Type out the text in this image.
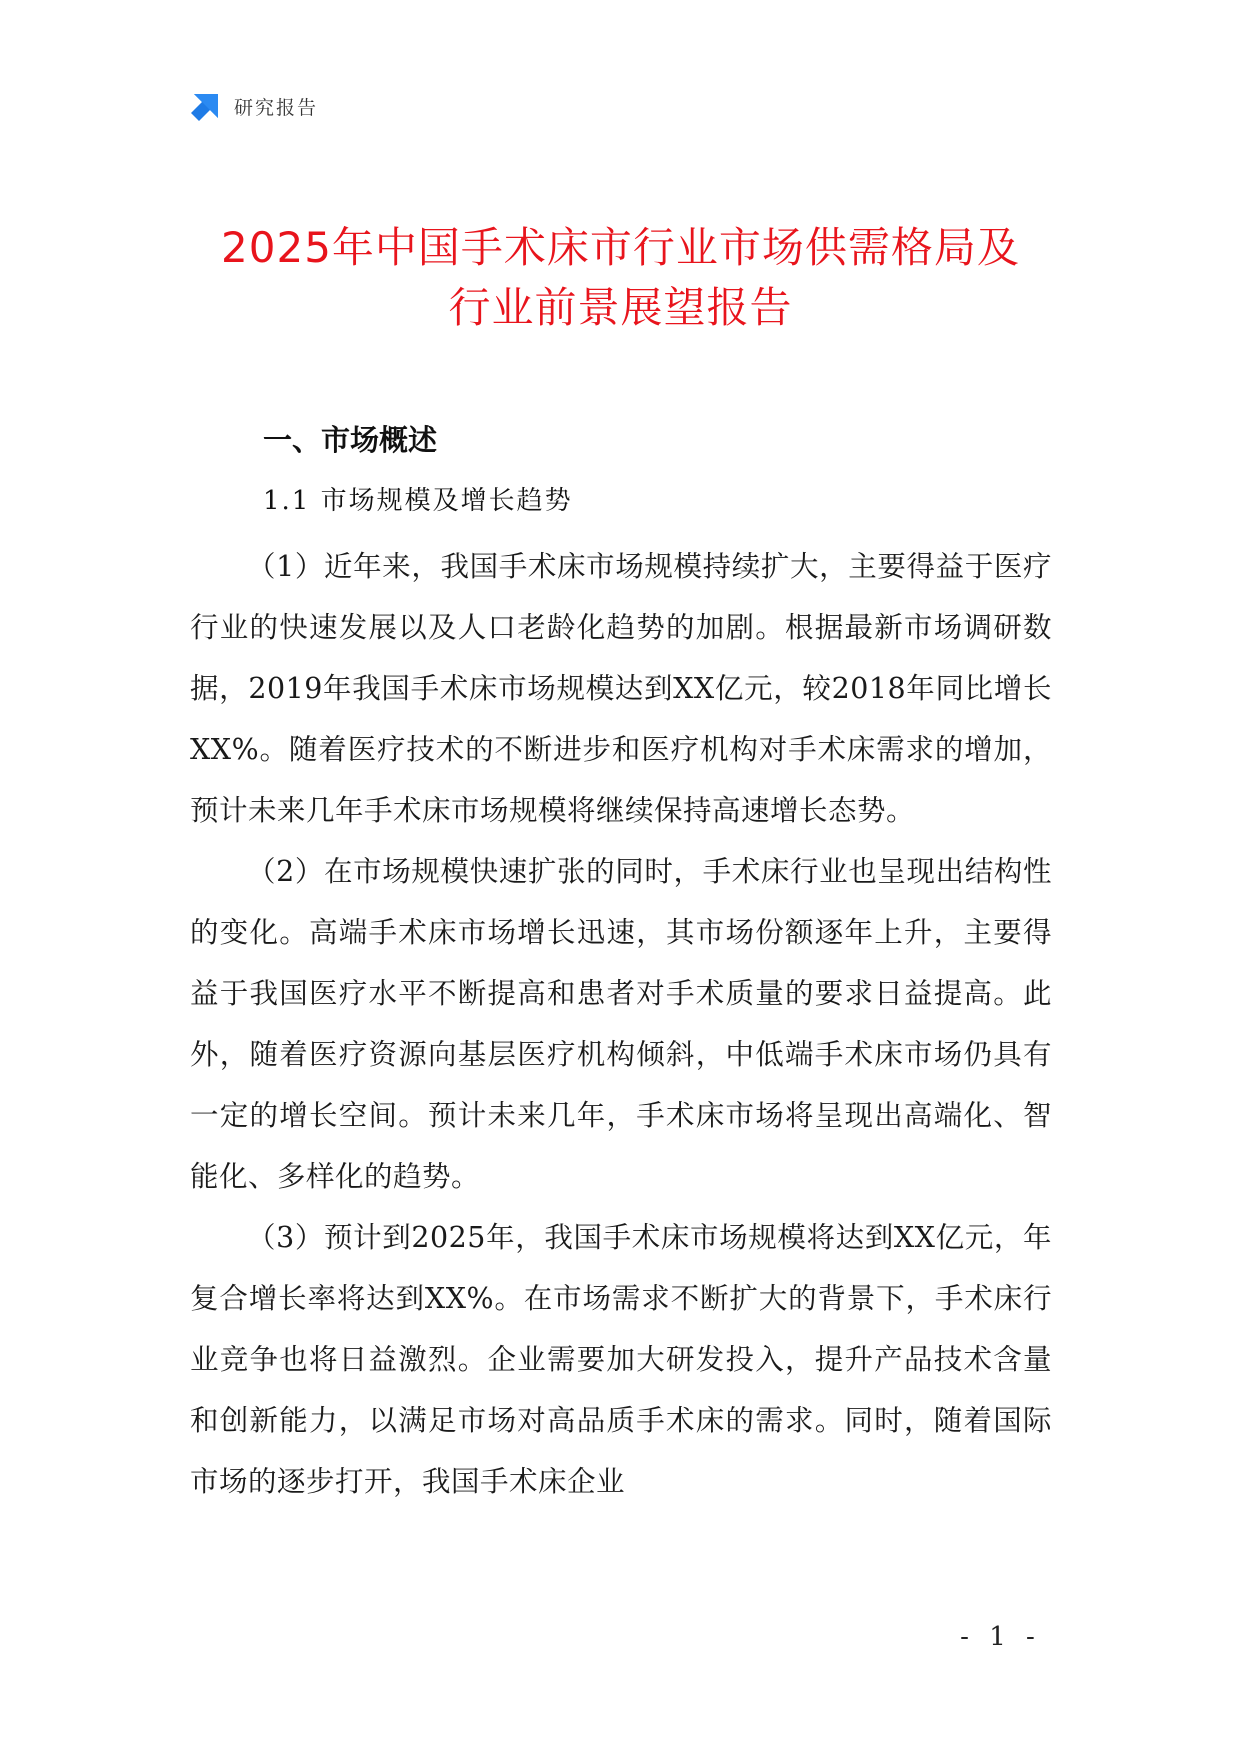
研究报告
2025年中国手术床市行业市场供需格局及
行业前景展望报告
一、市场概述
1.1 市场规模及增长趋势

（1）近年来，我国手术床市场规模持续扩大，主要得益于医疗行业的快速发展以及人口老龄化趋势的加剧。根据最新市场调研数据，2019年我国手术床市场规模达到XX亿元，较2018年同比增长XX%。随着医疗技术的不断进步和医疗机构对手术床需求的增加，预计未来几年手术床市场规模将继续保持高速增长态势。

（2）在市场规模快速扩张的同时，手术床行业也呈现出结构性的变化。高端手术床市场增长迅速，其市场份额逐年上升，主要得益于我国医疗水平不断提高和患者对手术质量的要求日益提高。此外，随着医疗资源向基层医疗机构倾斜，中低端手术床市场仍具有一定的增长空间。预计未来几年，手术床市场将呈现出高端化、智能化、多样化的趋势。

（3）预计到2025年，我国手术床市场规模将达到XX亿元，年复合增长率将达到XX%。在市场需求不断扩大的背景下，手术床行业竞争也将日益激烈。企业需要加大研发投入，提升产品技术含量和创新能力，以满足市场对高品质手术床的需求。同时，随着国际市场的逐步打开，我国手术床企业

- 1 -
